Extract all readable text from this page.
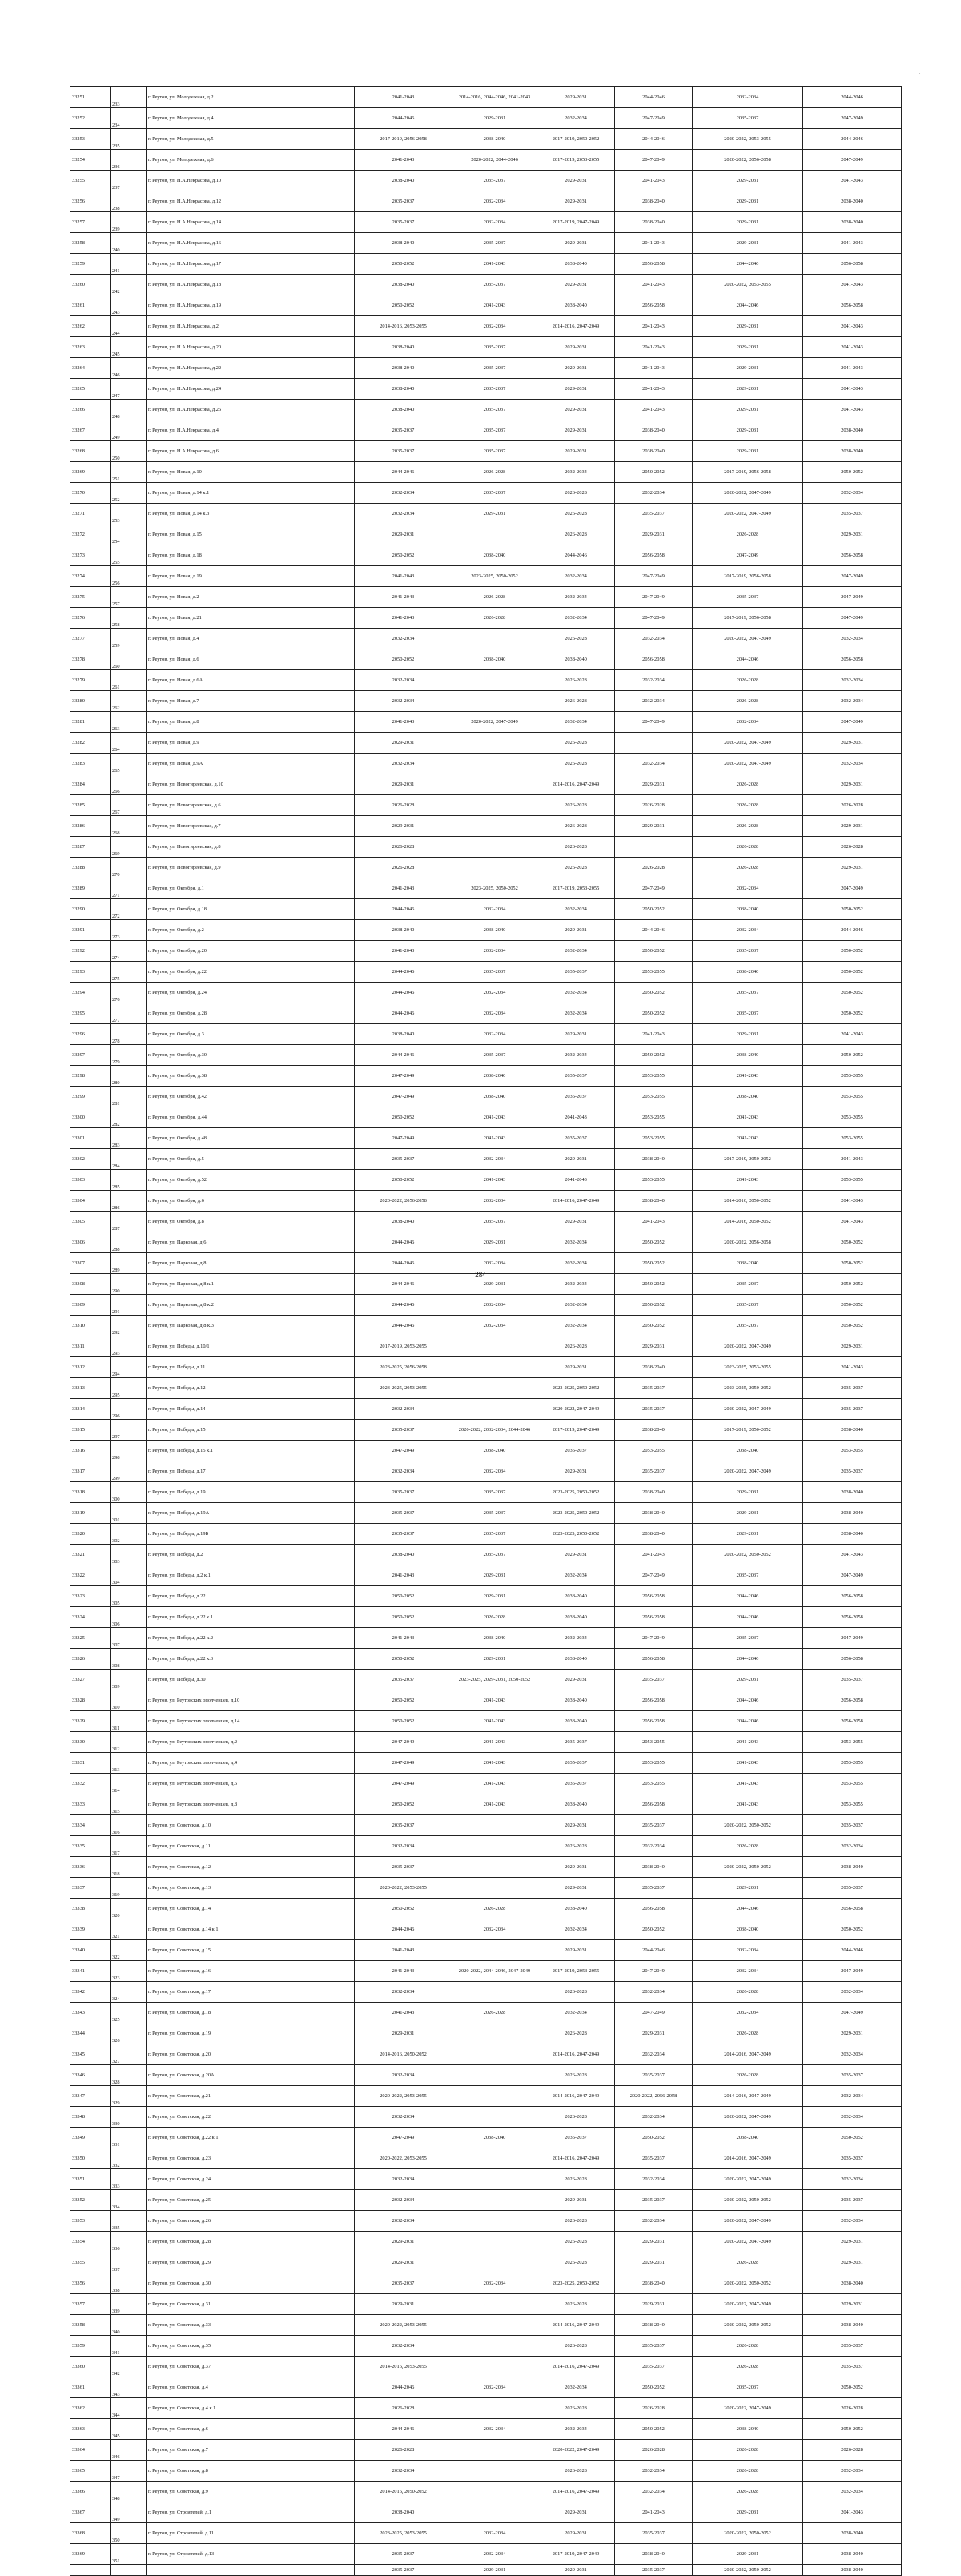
·
33251	233	г. Реутов, ул. Молодежная, д.2	2041-2043	2014-2016, 2044-2046, 2041-2043	2029-2031	2044-2046	2032-2034	2044-2046
33252	234	г. Реутов, ул. Молодежная, д.4	2044-2046	2029-2031	2032-2034	2047-2049	2035-2037	2047-2049
33253	235	г. Реутов, ул. Молодежная, д.5	2017-2019, 2056-2058	2038-2040	2017-2019, 2050-2052	2044-2046	2020-2022, 2053-2055	2044-2046
33254	236	г. Реутов, ул. Молодежная, д.6	2041-2043	2020-2022, 2044-2046	2017-2019, 2053-2055	2047-2049	2020-2022, 2056-2058	2047-2049
33255	237	г. Реутов, ул. Н.А.Некрасова, д.10	2038-2040	2035-2037	2029-2031	2041-2043	2029-2031	2041-2043
33256	238	г. Реутов, ул. Н.А.Некрасова, д.12	2035-2037	2032-2034	2029-2031	2038-2040	2029-2031	2038-2040
33257	239	г. Реутов, ул. Н.А.Некрасова, д.14	2035-2037	2032-2034	2017-2019, 2047-2049	2038-2040	2029-2031	2038-2040
33258	240	г. Реутов, ул. Н.А.Некрасова, д.16	2038-2040	2035-2037	2029-2031	2041-2043	2029-2031	2041-2043
33259	241	г. Реутов, ул. Н.А.Некрасова, д.17	2050-2052	2041-2043	2038-2040	2056-2058	2044-2046	2056-2058
33260	242	г. Реутов, ул. Н.А.Некрасова, д.18	2038-2040	2035-2037	2029-2031	2041-2043	2020-2022, 2053-2055	2041-2043
33261	243	г. Реутов, ул. Н.А.Некрасова, д.19	2050-2052	2041-2043	2038-2040	2056-2058	2044-2046	2056-2058
33262	244	г. Реутов, ул. Н.А.Некрасова, д.2	2014-2016, 2053-2055	2032-2034	2014-2016, 2047-2049	2041-2043	2029-2031	2041-2043
33263	245	г. Реутов, ул. Н.А.Некрасова, д.20	2038-2040	2035-2037	2029-2031	2041-2043	2029-2031	2041-2043
33264	246	г. Реутов, ул. Н.А.Некрасова, д.22	2038-2040	2035-2037	2029-2031	2041-2043	2029-2031	2041-2043
33265	247	г. Реутов, ул. Н.А.Некрасова, д.24	2038-2040	2035-2037	2029-2031	2041-2043	2029-2031	2041-2043
33266	248	г. Реутов, ул. Н.А.Некрасова, д.26	2038-2040	2035-2037	2029-2031	2041-2043	2029-2031	2041-2043
33267	249	г. Реутов, ул. Н.А.Некрасова, д.4	2035-2037	2035-2037	2029-2031	2038-2040	2029-2031	2038-2040
33268	250	г. Реутов, ул. Н.А.Некрасова, д.6	2035-2037	2035-2037	2029-2031	2038-2040	2029-2031	2038-2040
33269	251	г. Реутов, ул. Новая, д.10	2044-2046	2026-2028	2032-2034	2050-2052	2017-2019, 2056-2058	2050-2052
33270	252	г. Реутов, ул. Новая, д.14 к.1	2032-2034	2035-2037	2026-2028	2032-2034	2020-2022, 2047-2049	2032-2034
33271	253	г. Реутов, ул. Новая, д.14 к.3	2032-2034	2029-2031	2026-2028	2035-2037	2020-2022, 2047-2049	2035-2037
33272	254	г. Реутов, ул. Новая, д.15	2029-2031		2026-2028	2029-2031	2026-2028	2029-2031
33273	255	г. Реутов, ул. Новая, д.18	2050-2052	2038-2040	2044-2046	2056-2058	2047-2049	2056-2058
33274	256	г. Реутов, ул. Новая, д.19	2041-2043	2023-2025, 2050-2052	2032-2034	2047-2049	2017-2019, 2056-2058	2047-2049
33275	257	г. Реутов, ул. Новая, д.2	2041-2043	2026-2028	2032-2034	2047-2049	2035-2037	2047-2049
33276	258	г. Реутов, ул. Новая, д.21	2041-2043	2026-2028	2032-2034	2047-2049	2017-2019, 2056-2058	2047-2049
33277	259	г. Реутов, ул. Новая, д.4	2032-2034		2026-2028	2032-2034	2020-2022, 2047-2049	2032-2034
33278	260	г. Реутов, ул. Новая, д.6	2050-2052	2038-2040	2038-2040	2056-2058	2044-2046	2056-2058
33279	261	г. Реутов, ул. Новая, д.6А	2032-2034		2026-2028	2032-2034	2026-2028	2032-2034
33280	262	г. Реутов, ул. Новая, д.7	2032-2034		2026-2028	2032-2034	2026-2028	2032-2034
33281	263	г. Реутов, ул. Новая, д.8	2041-2043	2020-2022, 2047-2049	2032-2034	2047-2049	2032-2034	2047-2049
33282	264	г. Реутов, ул. Новая, д.9	2029-2031		2026-2028		2020-2022, 2047-2049	2029-2031
33283	265	г. Реутов, ул. Новая, д.9А	2032-2034		2026-2028	2032-2034	2020-2022, 2047-2049	2032-2034
33284	266	г. Реутов, ул. Новогиреевская, д.10	2029-2031		2014-2016, 2047-2049	2029-2031	2026-2028	2029-2031
33285	267	г. Реутов, ул. Новогиреевская, д.6	2026-2028		2026-2028	2026-2028	2026-2028	2026-2028
33286	268	г. Реутов, ул. Новогиреевская, д.7	2029-2031		2026-2028	2029-2031	2026-2028	2029-2031
33287	269	г. Реутов, ул. Новогиреевская, д.8	2026-2028		2026-2028		2026-2028	2026-2028
33288	270	г. Реутов, ул. Новогиреевская, д.9	2026-2028		2026-2028	2026-2028	2026-2028	2029-2031
33289	271	г. Реутов, ул. Октября, д.1	2041-2043	2023-2025, 2050-2052	2017-2019, 2053-2055	2047-2049	2032-2034	2047-2049
33290	272	г. Реутов, ул. Октября, д.18	2044-2046	2032-2034	2032-2034	2050-2052	2038-2040	2050-2052
33291	273	г. Реутов, ул. Октября, д.2	2038-2040	2038-2040	2029-2031	2044-2046	2032-2034	2044-2046
33292	274	г. Реутов, ул. Октября, д.20	2041-2043	2032-2034	2032-2034	2050-2052	2035-2037	2050-2052
33293	275	г. Реутов, ул. Октября, д.22	2044-2046	2035-2037	2035-2037	2053-2055	2038-2040	2050-2052
33294	276	г. Реутов, ул. Октября, д.24	2044-2046	2032-2034	2032-2034	2050-2052	2035-2037	2050-2052
33295	277	г. Реутов, ул. Октября, д.28	2044-2046	2032-2034	2032-2034	2050-2052	2035-2037	2050-2052
33296	278	г. Реутов, ул. Октября, д.3	2038-2040	2032-2034	2029-2031	2041-2043	2029-2031	2041-2043
33297	279	г. Реутов, ул. Октября, д.30	2044-2046	2035-2037	2032-2034	2050-2052	2038-2040	2050-2052
33298	280	г. Реутов, ул. Октября, д.38	2047-2049	2038-2040	2035-2037	2053-2055	2041-2043	2053-2055
33299	281	г. Реутов, ул. Октября, д.42	2047-2049	2038-2040	2035-2037	2053-2055	2038-2040	2053-2055
33300	282	г. Реутов, ул. Октября, д.44	2050-2052	2041-2043	2041-2043	2053-2055	2041-2043	2053-2055
33301	283	г. Реутов, ул. Октября, д.48	2047-2049	2041-2043	2035-2037	2053-2055	2041-2043	2053-2055
33302	284	г. Реутов, ул. Октября, д.5	2035-2037	2032-2034	2029-2031	2038-2040	2017-2019, 2050-2052	2041-2043
33303	285	г. Реутов, ул. Октября, д.52	2050-2052	2041-2043	2041-2043	2053-2055	2041-2043	2053-2055
33304	286	г. Реутов, ул. Октября, д.6	2020-2022, 2056-2058	2032-2034	2014-2016, 2047-2049	2038-2040	2014-2016, 2050-2052	2041-2043
33305	287	г. Реутов, ул. Октября, д.8	2038-2040	2035-2037	2029-2031	2041-2043	2014-2016, 2050-2052	2041-2043
33306	288	г. Реутов, ул. Парковая, д.6	2044-2046	2029-2031	2032-2034	2050-2052	2020-2022, 2056-2058	2050-2052
33307	289	г. Реутов, ул. Парковая, д.8	2044-2046	2032-2034	2032-2034	2050-2052	2038-2040	2050-2052
33308	290	г. Реутов, ул. Парковая, д.8 к.1	2044-2046	2029-2031	2032-2034	2050-2052	2035-2037	2050-2052
33309	291	г. Реутов, ул. Парковая, д.8 к.2	2044-2046	2032-2034	2032-2034	2050-2052	2035-2037	2050-2052
33310	292	г. Реутов, ул. Парковая, д.8 к.3	2044-2046	2032-2034	2032-2034	2050-2052	2035-2037	2050-2052
33311	293	г. Реутов, ул. Победы, д.10/1	2017-2019, 2053-2055		2026-2028	2029-2031	2020-2022, 2047-2049	2029-2031
33312	294	г. Реутов, ул. Победы, д.11	2023-2025, 2056-2058		2029-2031	2038-2040	2023-2025, 2053-2055	2041-2043
33313	295	г. Реутов, ул. Победы, д.12	2023-2025, 2053-2055		2023-2025, 2050-2052	2035-2037	2023-2025, 2050-2052	2035-2037
33314	296	г. Реутов, ул. Победы, д.14	2032-2034		2020-2022, 2047-2049	2035-2037	2020-2022, 2047-2049	2035-2037
33315	297	г. Реутов, ул. Победы, д.15	2035-2037	2020-2022, 2032-2034, 2044-2046	2017-2019, 2047-2049	2038-2040	2017-2019, 2050-2052	2038-2040
33316	298	г. Реутов, ул. Победы, д.15 к.1	2047-2049	2038-2040	2035-2037	2053-2055	2038-2040	2053-2055
33317	299	г. Реутов, ул. Победы, д.17	2032-2034	2032-2034	2029-2031	2035-2037	2020-2022, 2047-2049	2035-2037
33318	300	г. Реутов, ул. Победы, д.19	2035-2037	2035-2037	2023-2025, 2050-2052	2038-2040	2029-2031	2038-2040
33319	301	г. Реутов, ул. Победы, д.19А	2035-2037	2035-2037	2023-2025, 2050-2052	2038-2040	2029-2031	2038-2040
33320	302	г. Реутов, ул. Победы, д.19Б	2035-2037	2035-2037	2023-2025, 2050-2052	2038-2040	2029-2031	2038-2040
33321	303	г. Реутов, ул. Победы, д.2	2038-2040	2035-2037	2029-2031	2041-2043	2020-2022, 2050-2052	2041-2043
33322	304	г. Реутов, ул. Победы, д.2 к.1	2041-2043	2029-2031	2032-2034	2047-2049	2035-2037	2047-2049
33323	305	г. Реутов, ул. Победы, д.22	2050-2052	2029-2031	2038-2040	2056-2058	2044-2046	2056-2058
33324	306	г. Реутов, ул. Победы, д.22 к.1	2050-2052	2026-2028	2038-2040	2056-2058	2044-2046	2056-2058
33325	307	г. Реутов, ул. Победы, д.22 к.2	2041-2043	2038-2040	2032-2034	2047-2049	2035-2037	2047-2049
33326	308	г. Реутов, ул. Победы, д.22 к.3	2050-2052	2029-2031	2038-2040	2056-2058	2044-2046	2056-2058
33327	309	г. Реутов, ул. Победы, д.30	2035-2037	2023-2025, 2029-2031, 2050-2052	2029-2031	2035-2037	2029-2031	2035-2037
33328	310	г. Реутов, ул. Реутовских ополченцев, д.10	2050-2052	2041-2043	2038-2040	2056-2058	2044-2046	2056-2058
33329	311	г. Реутов, ул. Реутовских ополченцев, д.14	2050-2052	2041-2043	2038-2040	2056-2058	2044-2046	2056-2058
33330	312	г. Реутов, ул. Реутовских ополченцев, д.2	2047-2049	2041-2043	2035-2037	2053-2055	2041-2043	2053-2055
33331	313	г. Реутов, ул. Реутовских ополченцев, д.4	2047-2049	2041-2043	2035-2037	2053-2055	2041-2043	2053-2055
33332	314	г. Реутов, ул. Реутовских ополченцев, д.6	2047-2049	2041-2043	2035-2037	2053-2055	2041-2043	2053-2055
33333	315	г. Реутов, ул. Реутовских ополченцев, д.8	2050-2052	2041-2043	2038-2040	2056-2058	2041-2043	2053-2055
33334	316	г. Реутов, ул. Советская, д.10	2035-2037		2029-2031	2035-2037	2020-2022, 2050-2052	2035-2037
33335	317	г. Реутов, ул. Советская, д.11	2032-2034		2026-2028	2032-2034	2026-2028	2032-2034
33336	318	г. Реутов, ул. Советская, д.12	2035-2037		2029-2031	2038-2040	2020-2022, 2050-2052	2038-2040
33337	319	г. Реутов, ул. Советская, д.13	2020-2022, 2053-2055		2029-2031	2035-2037	2029-2031	2035-2037
33338	320	г. Реутов, ул. Советская, д.14	2050-2052	2026-2028	2038-2040	2056-2058	2044-2046	2056-2058
33339	321	г. Реутов, ул. Советская, д.14 к.1	2044-2046	2032-2034	2032-2034	2050-2052	2038-2040	2050-2052
33340	322	г. Реутов, ул. Советская, д.15	2041-2043		2029-2031	2044-2046	2032-2034	2044-2046
33341	323	г. Реутов, ул. Советская, д.16	2041-2043	2020-2022, 2044-2046, 2047-2049	2017-2019, 2053-2055	2047-2049	2032-2034	2047-2049
33342	324	г. Реутов, ул. Советская, д.17	2032-2034		2026-2028	2032-2034	2026-2028	2032-2034
33343	325	г. Реутов, ул. Советская, д.18	2041-2043	2026-2028	2032-2034	2047-2049	2032-2034	2047-2049
33344	326	г. Реутов, ул. Советская, д.19	2029-2031		2026-2028	2029-2031	2026-2028	2029-2031
33345	327	г. Реутов, ул. Советская, д.20	2014-2016, 2050-2052		2014-2016, 2047-2049	2032-2034	2014-2016, 2047-2049	2032-2034
33346	328	г. Реутов, ул. Советская, д.20А	2032-2034		2026-2028	2035-2037	2026-2028	2035-2037
33347	329	г. Реутов, ул. Советская, д.21	2020-2022, 2053-2055		2014-2016, 2047-2049	2020-2022, 2056-2058	2014-2016, 2047-2049	2032-2034
33348	330	г. Реутов, ул. Советская, д.22	2032-2034		2026-2028	2032-2034	2020-2022, 2047-2049	2032-2034
33349	331	г. Реутов, ул. Советская, д.22 к.1	2047-2049	2038-2040	2035-2037	2050-2052	2038-2040	2050-2052
33350	332	г. Реутов, ул. Советская, д.23	2020-2022, 2053-2055		2014-2016, 2047-2049	2035-2037	2014-2016, 2047-2049	2035-2037
33351	333	г. Реутов, ул. Советская, д.24	2032-2034		2026-2028	2032-2034	2020-2022, 2047-2049	2032-2034
33352	334	г. Реутов, ул. Советская, д.25	2032-2034		2029-2031	2035-2037	2020-2022, 2050-2052	2035-2037
33353	335	г. Реутов, ул. Советская, д.26	2032-2034		2026-2028	2032-2034	2020-2022, 2047-2049	2032-2034
33354	336	г. Реутов, ул. Советская, д.28	2029-2031		2026-2028	2029-2031	2020-2022, 2047-2049	2029-2031
33355	337	г. Реутов, ул. Советская, д.29	2029-2031		2026-2028	2029-2031	2026-2028	2029-2031
33356	338	г. Реутов, ул. Советская, д.30	2035-2037	2032-2034	2023-2025, 2050-2052	2038-2040	2020-2022, 2050-2052	2038-2040
33357	339	г. Реутов, ул. Советская, д.31	2029-2031		2026-2028	2029-2031	2020-2022, 2047-2049	2029-2031
33358	340	г. Реутов, ул. Советская, д.33	2020-2022, 2053-2055		2014-2016, 2047-2049	2038-2040	2020-2022, 2050-2052	2038-2040
33359	341	г. Реутов, ул. Советская, д.35	2032-2034		2026-2028	2035-2037	2026-2028	2035-2037
33360	342	г. Реутов, ул. Советская, д.37	2014-2016, 2053-2055		2014-2016, 2047-2049	2035-2037	2026-2028	2035-2037
33361	343	г. Реутов, ул. Советская, д.4	2044-2046	2032-2034	2032-2034	2050-2052	2035-2037	2050-2052
33362	344	г. Реутов, ул. Советская, д.4 к.1	2026-2028		2026-2028	2026-2028	2020-2022, 2047-2049	2026-2028
33363	345	г. Реутов, ул. Советская, д.6	2044-2046	2032-2034	2032-2034	2050-2052	2038-2040	2050-2052
33364	346	г. Реутов, ул. Советская, д.7	2026-2028		2020-2022, 2047-2049	2026-2028	2026-2028	2026-2028
33365	347	г. Реутов, ул. Советская, д.8	2032-2034		2026-2028	2032-2034	2026-2028	2032-2034
33366	348	г. Реутов, ул. Советская, д.9	2014-2016, 2050-2052		2014-2016, 2047-2049	2032-2034	2026-2028	2032-2034
33367	349	г. Реутов, ул. Строителей, д.1	2038-2040		2029-2031	2041-2043	2029-2031	2041-2043
33368	350	г. Реутов, ул. Строителей, д.11	2023-2025, 2053-2055	2032-2034	2029-2031	2035-2037	2020-2022, 2050-2052	2038-2040
33369	351	г. Реутов, ул. Строителей, д.13	2035-2037	2032-2034	2017-2019, 2047-2049	2038-2040	2029-2031	2038-2040
			2035-2037	2029-2031	2029-2031	2035-2037	2020-2022, 2050-2052	2038-2040
284
